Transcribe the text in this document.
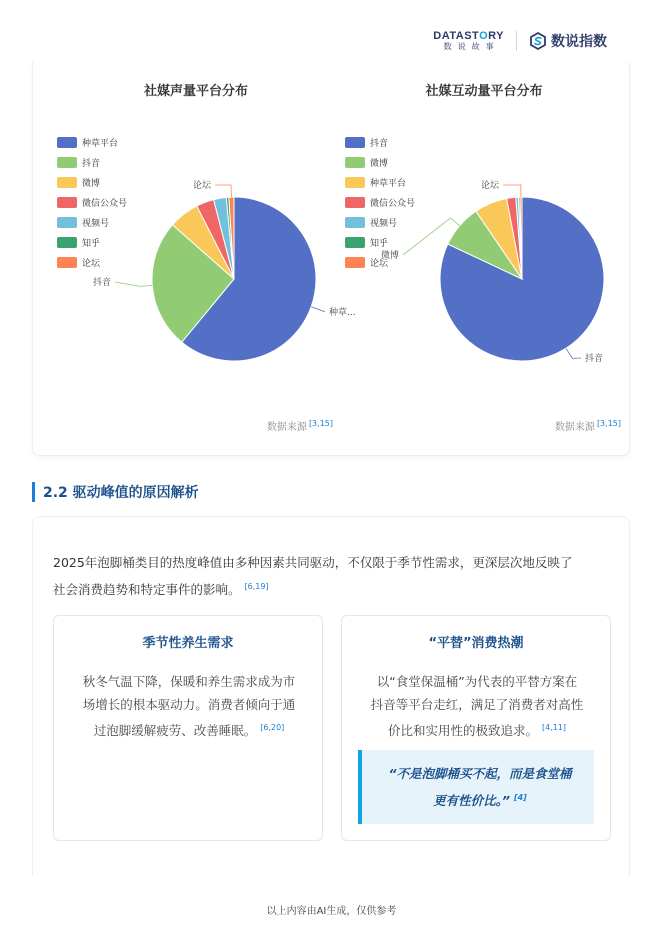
DATASTORY
数说故事	数说指数
种草...
抖音
论坛
社媒声量平台分布
种草平台
抖音
微博
微信公众号
视频号
知乎
论坛
数据来源 [3,15]
抖音
微博
论坛
社媒互动量平台分布
抖音
微博
种草平台
微信公众号
视频号
知乎
论坛
数据来源 [3,15]
2.2 驱动峰值的原因解析
2025年泡脚桶类目的热度峰值由多种因素共同驱动，不仅限于季节性需求，更深层次地反映了
社会消费趋势和特定事件的影响。 [6,19]
季节性养生需求
秋冬气温下降，保暖和养生需求成为市
场增长的根本驱动力。消费者倾向于通
过泡脚缓解疲劳、改善睡眠。 [6,20]
“平替”消费热潮
以“食堂保温桶”为代表的平替方案在
抖音等平台走红，满足了消费者对高性
价比和实用性的极致追求。 [4,11]
“不是泡脚桶买不起，而是食堂桶
更有性价比。” [4]
以上内容由AI生成，仅供参考
